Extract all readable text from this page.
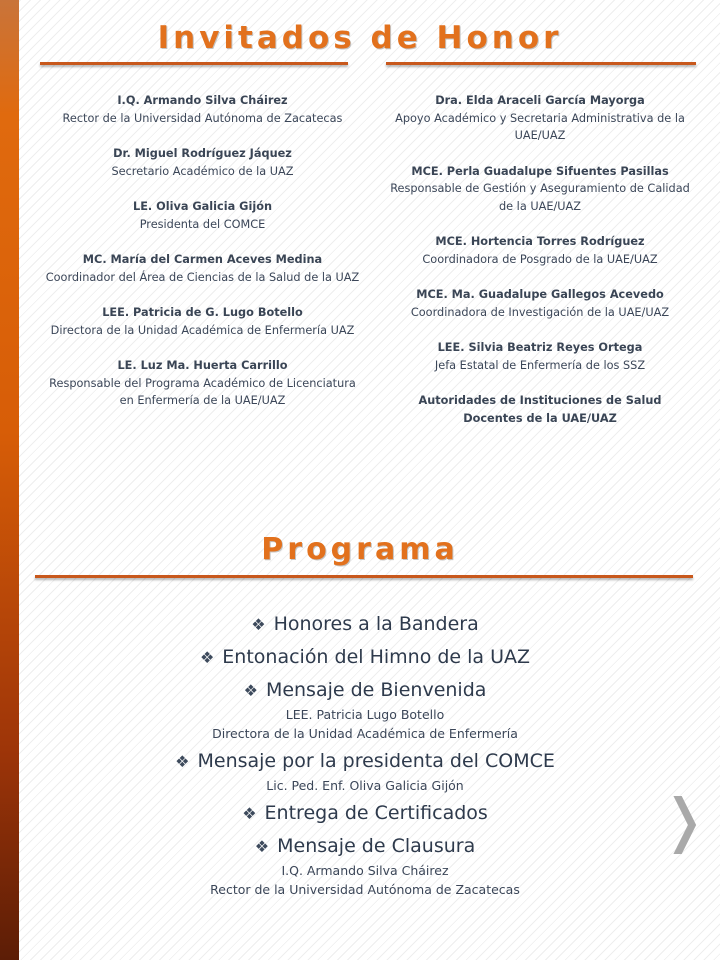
Invitados de Honor
I.Q. Armando Silva Cháirez
Rector de la Universidad Autónoma de Zacatecas
Dr. Miguel Rodríguez Jáquez
Secretario Académico de la UAZ
LE. Oliva Galicia Gijón
Presidenta del COMCE
MC. María del Carmen Aceves Medina
Coordinador del Área de Ciencias de la Salud de la UAZ
LEE. Patricia de G. Lugo Botello
Directora de la Unidad Académica de Enfermería UAZ
LE. Luz Ma. Huerta Carrillo
Responsable del Programa Académico de Licenciatura
en Enfermería de la UAE/UAZ
Dra. Elda Araceli García Mayorga
Apoyo Académico y Secretaria Administrativa de la
UAE/UAZ
MCE. Perla Guadalupe Sifuentes Pasillas
Responsable de Gestión y Aseguramiento de Calidad
de la UAE/UAZ
MCE. Hortencia Torres Rodríguez
Coordinadora de Posgrado de la UAE/UAZ
MCE. Ma. Guadalupe Gallegos Acevedo
Coordinadora de Investigación de la UAE/UAZ
LEE. Silvia Beatriz Reyes Ortega
Jefa Estatal de Enfermería de los SSZ
Autoridades de Instituciones de Salud
Docentes de la UAE/UAZ
Programa
❖ Honores a la Bandera
❖ Entonación del Himno de la UAZ
❖ Mensaje de Bienvenida
LEE. Patricia Lugo Botello
Directora de la Unidad Académica de Enfermería
❖ Mensaje por la presidenta del COMCE
Lic. Ped. Enf. Oliva Galicia Gijón
❖ Entrega de Certificados
❖ Mensaje de Clausura
I.Q. Armando Silva Cháirez
Rector de la Universidad Autónoma de Zacatecas
❭
